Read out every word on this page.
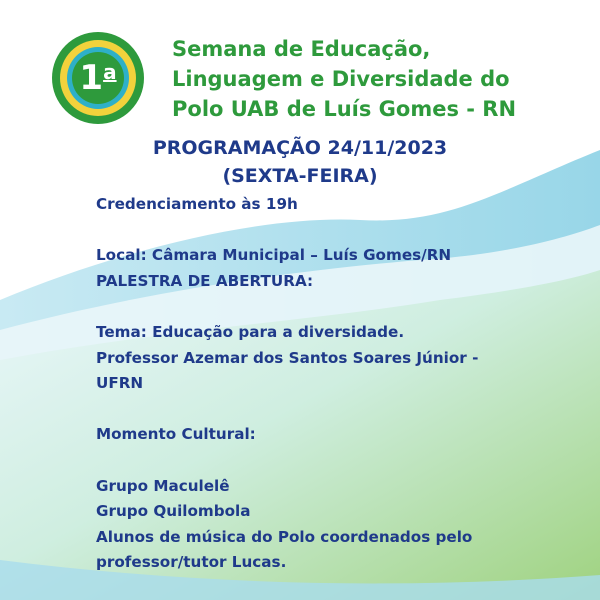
1$^a$
Semana de Educação,
Linguagem e Diversidade do
Polo UAB de Luís Gomes - RN
PROGRAMAÇÃO 24/11/2023
(SEXTA-FEIRA)
Credenciamento às 19h
Local: Câmara Municipal – Luís Gomes/RN
PALESTRA DE ABERTURA:
Tema: Educação para a diversidade.
Professor Azemar dos Santos Soares Júnior -
UFRN
Momento Cultural:
Grupo Maculelê
Grupo Quilombola
Alunos de música do Polo coordenados pelo
professor/tutor Lucas.
